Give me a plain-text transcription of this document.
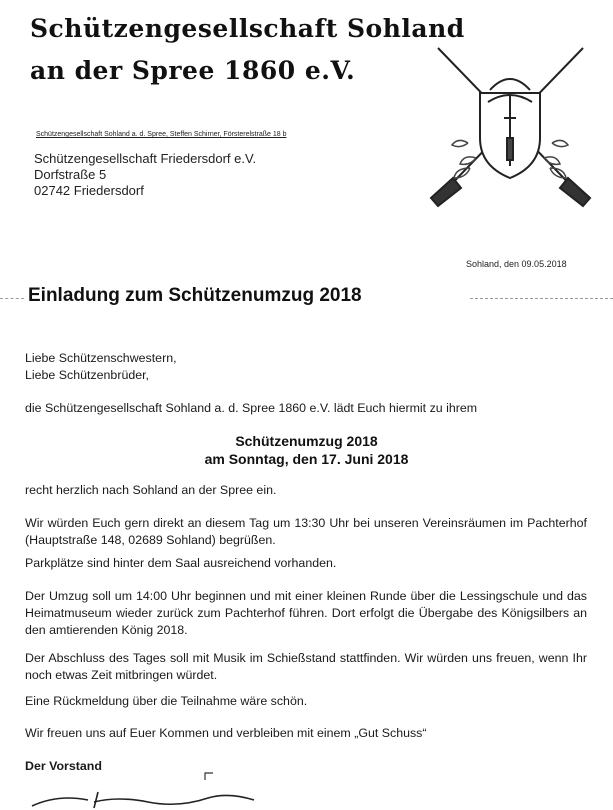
Schützengesellschaft Sohland
an der Spree 1860 e.V.
Schützengesellschaft Sohland a. d. Spree, Steffen Schirner, Försterelstraße 18 b
Schützengesellschaft Friedersdorf e.V.
Dorfstraße 5
02742 Friedersdorf
Sohland, den 09.05.2018
Einladung zum Schützenumzug 2018
Liebe Schützenschwestern,
Liebe Schützenbrüder,
die Schützengesellschaft Sohland a. d. Spree 1860 e.V. lädt Euch hiermit zu ihrem
Schützenumzug 2018
am Sonntag, den 17. Juni 2018
recht herzlich nach Sohland an der Spree ein.
Wir würden Euch gern direkt an diesem Tag um 13:30 Uhr bei unseren Vereinsräumen im Pachterhof (Hauptstraße 148, 02689 Sohland) begrüßen.
Parkplätze sind hinter dem Saal ausreichend vorhanden.
Der Umzug soll um 14:00 Uhr beginnen und mit einer kleinen Runde über die Lessingschule und das Heimatmuseum wieder zurück zum Pachterhof führen. Dort erfolgt die Übergabe des Königsilbers an den amtierenden König 2018.
Der Abschluss des Tages soll mit Musik im Schießstand stattfinden. Wir würden uns freuen, wenn Ihr noch etwas Zeit mitbringen würdet.
Eine Rückmeldung über die Teilnahme wäre schön.
Wir freuen uns auf Euer Kommen und verbleiben mit einem „Gut Schuss“
Der Vorstand
